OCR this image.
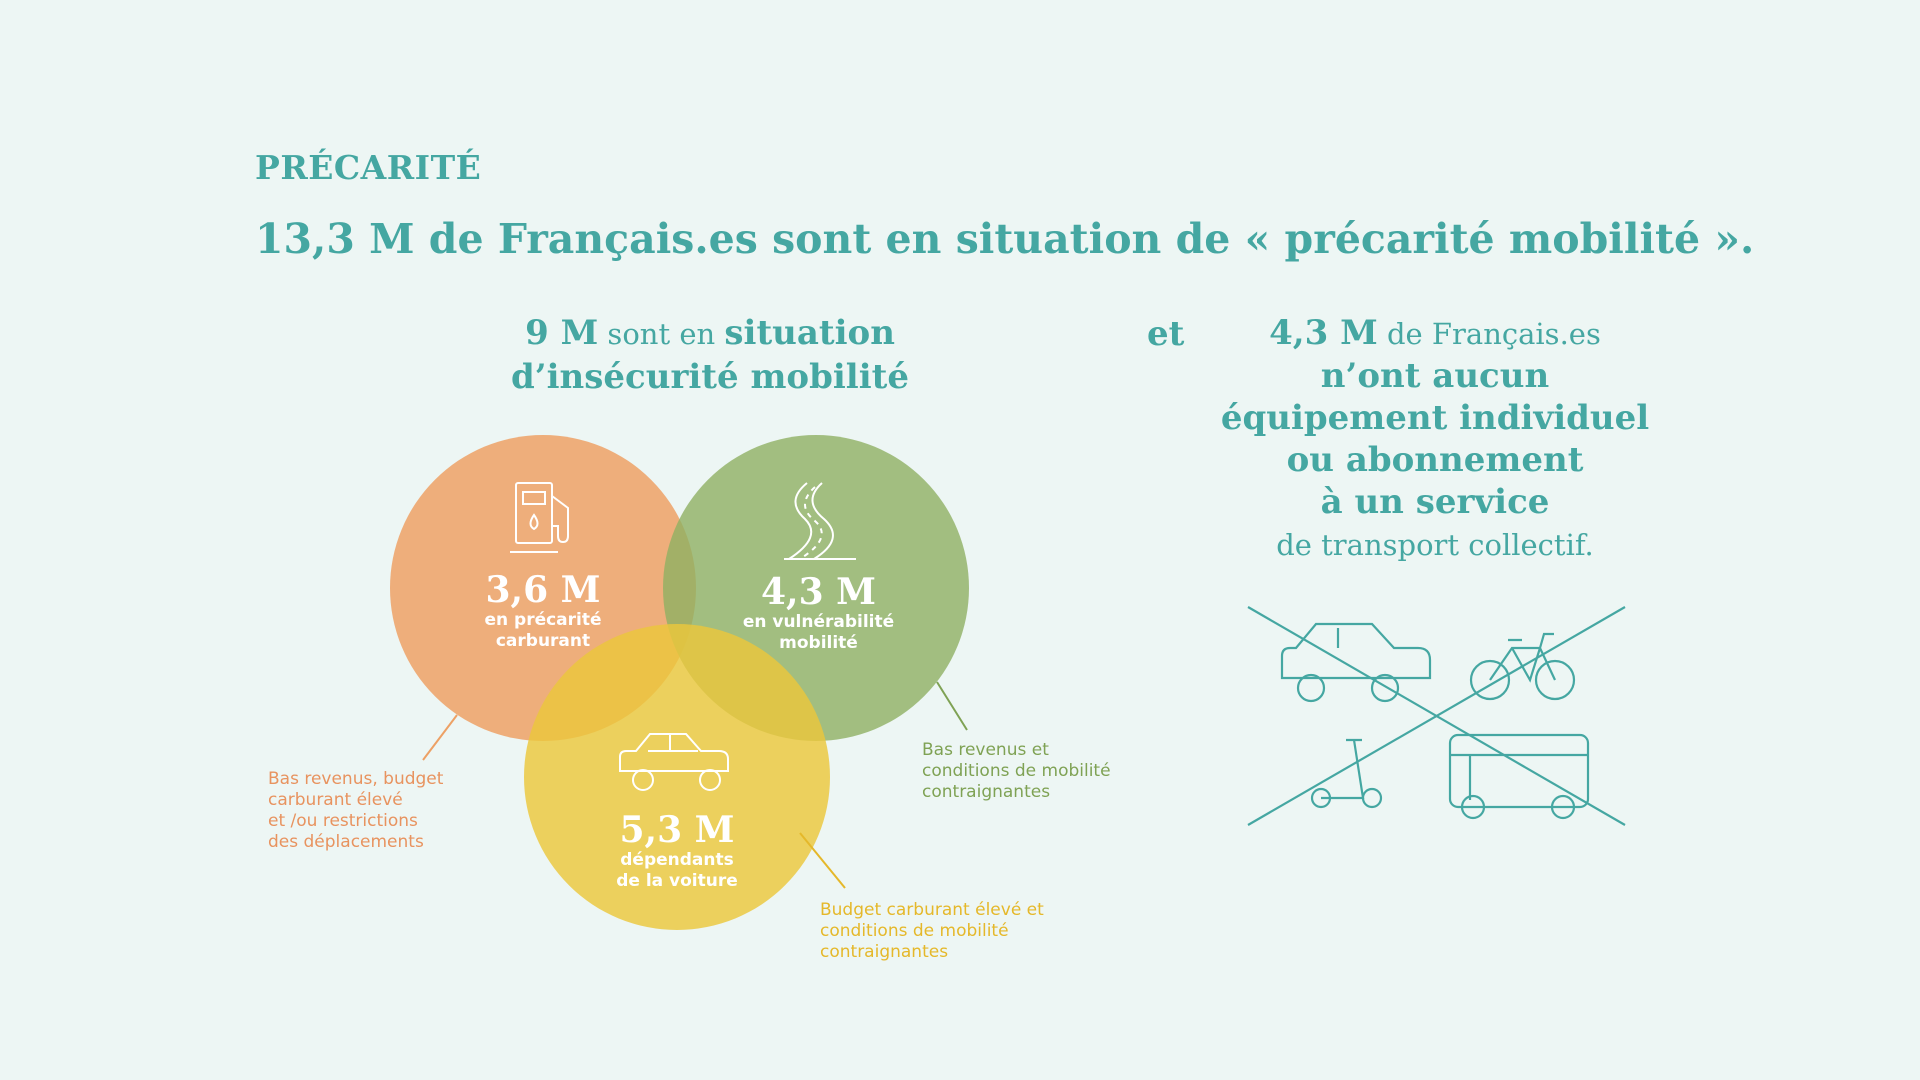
PRÉCARITÉ
13,3 M de Français.es sont en situation de « précarité mobilité ».
9 M sont en situation
d’insécurité mobilité
et	4,3 M de Français.es
n’ont aucun
équipement individuel
ou abonnement
à un service
de transport collectif.
3,6 M
en précarité
carburant
4,3 M
en vulnérabilité
mobilité
5,3 M
dépendants
de la voiture
Bas revenus, budget
carburant élevé
et /ou restrictions
des déplacements
Bas revenus et
conditions de mobilité
contraignantes
Budget carburant élevé et
conditions de mobilité
contraignantes
